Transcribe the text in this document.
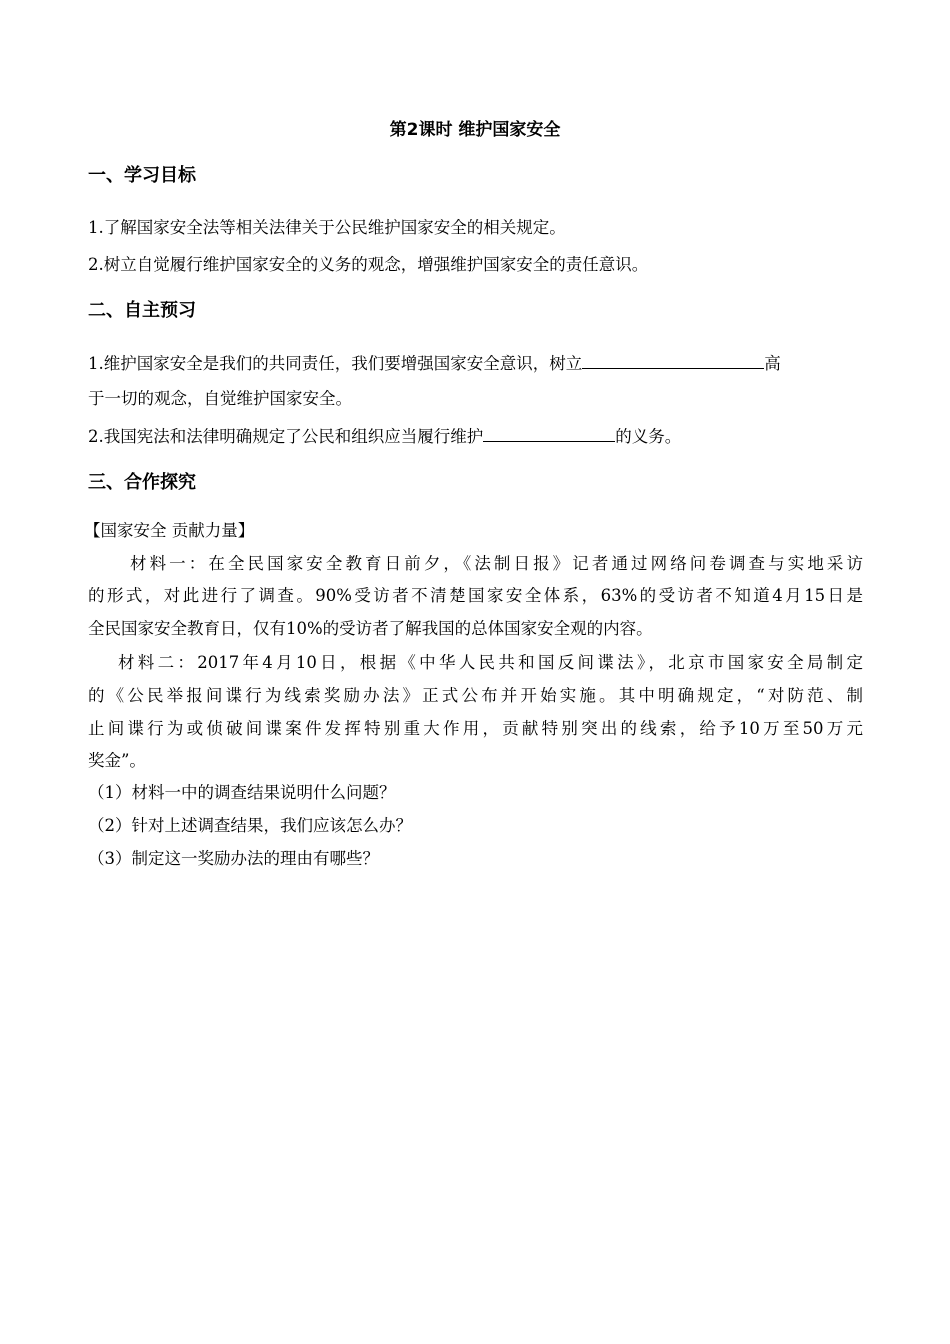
第2课时 维护国家安全
一、学习目标
1.了解国家安全法等相关法律关于公民维护国家安全的相关规定。
2.树立自觉履行维护国家安全的义务的观念，增强维护国家安全的责任意识。
二、自主预习
1.维护国家安全是我们的共同责任，我们要增强国家安全意识，树立	高
于一切的观念，自觉维护国家安全。
2.我国宪法和法律明确规定了公民和组织应当履行维护	的义务。
三、合作探究
【国家安全 贡献力量】
材料一：在全民国家安全教育日前夕，《法制日报》记者通过网络问卷调查与实地采访
的形式，对此进行了调查。90%受访者不清楚国家安全体系，63%的受访者不知道4月15日是
全民国家安全教育日，仅有10%的受访者了解我国的总体国家安全观的内容。
材料二：2017年4月10日，根据《中华人民共和国反间谍法》，北京市国家安全局制定
的《公民举报间谍行为线索奖励办法》正式公布并开始实施。其中明确规定，“对防范、制
止间谍行为或侦破间谍案件发挥特别重大作用，贡献特别突出的线索，给予10万至50万元
奖金”。
（1）材料一中的调查结果说明什么问题？
（2）针对上述调查结果，我们应该怎么办？
（3）制定这一奖励办法的理由有哪些？
